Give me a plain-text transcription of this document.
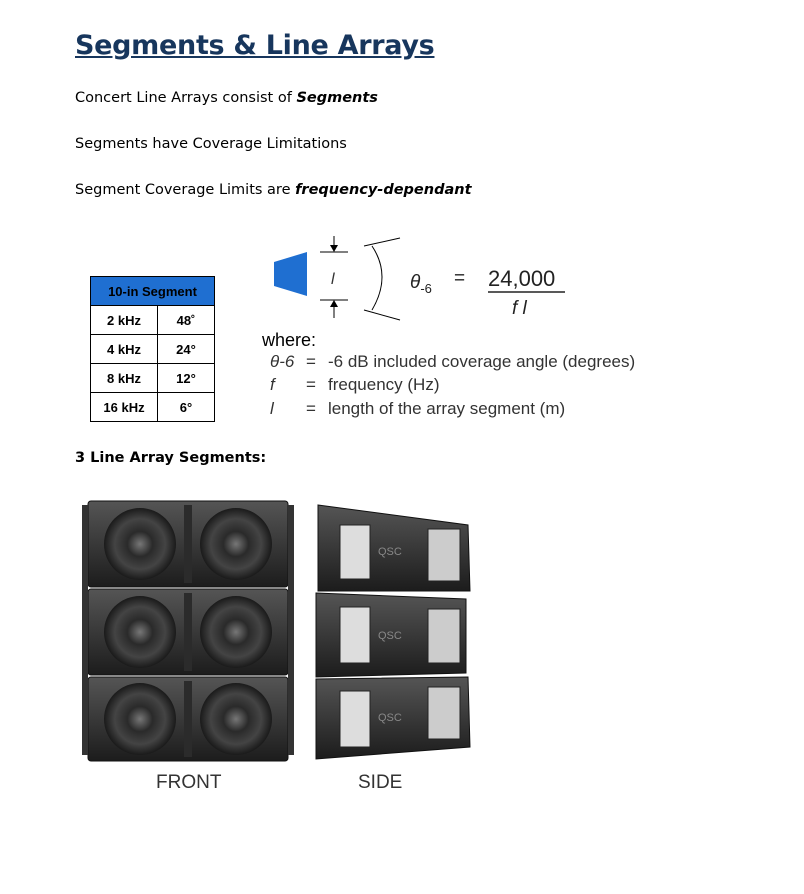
Segments & Line Arrays
Concert Line Arrays consist of Segments
Segments have Coverage Limitations
Segment Coverage Limits are frequency-dependant
10-in Segment	
2 kHz	48˚
4 kHz	24°
8 kHz	12°
16 kHz	6°
l	$\theta_{-6} = 24,000$
f l
where:
θ-6 = -6 dB included coverage angle (degrees)
f = frequency (Hz)
l = length of the array segment (m)
3 Line Array Segments:
QSC
QSC
QSC
FRONT	SIDE
